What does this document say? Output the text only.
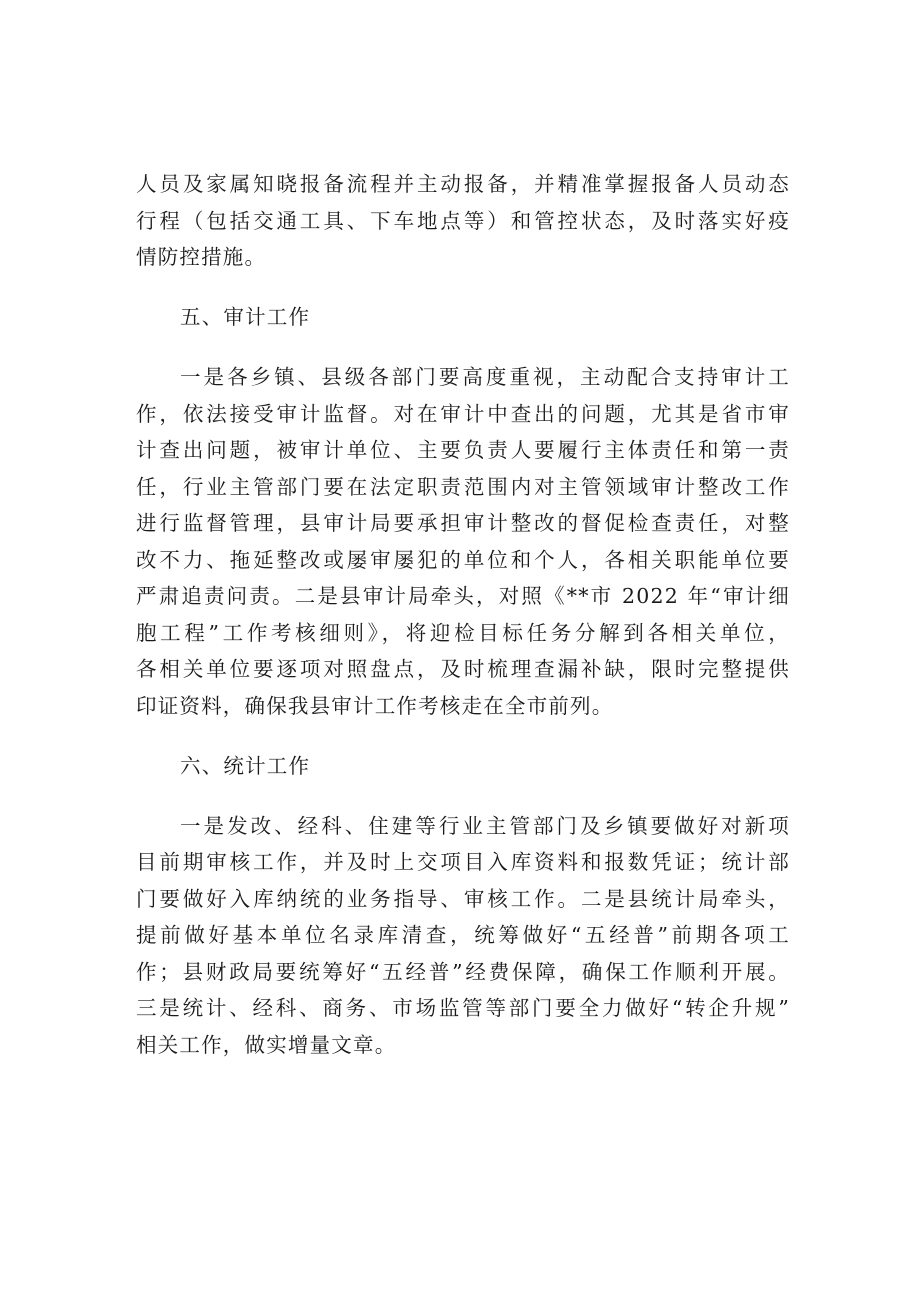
人员及家属知晓报备流程并主动报备，并精准掌握报备人员动态
行程（包括交通工具、下车地点等）和管控状态，及时落实好疫
情防控措施。
五、审计工作
一是各乡镇、县级各部门要高度重视，主动配合支持审计工
作，依法接受审计监督。对在审计中查出的问题，尤其是省市审
计查出问题，被审计单位、主要负责人要履行主体责任和第一责
任，行业主管部门要在法定职责范围内对主管领域审计整改工作
进行监督管理，县审计局要承担审计整改的督促检查责任，对整
改不力、拖延整改或屡审屡犯的单位和个人，各相关职能单位要
严肃追责问责。二是县审计局牵头，对照《**市 2022 年“审计细
胞工程”工作考核细则》，将迎检目标任务分解到各相关单位，
各相关单位要逐项对照盘点，及时梳理查漏补缺，限时完整提供
印证资料，确保我县审计工作考核走在全市前列。
六、统计工作
一是发改、经科、住建等行业主管部门及乡镇要做好对新项
目前期审核工作，并及时上交项目入库资料和报数凭证；统计部
门要做好入库纳统的业务指导、审核工作。二是县统计局牵头，
提前做好基本单位名录库清查，统筹做好“五经普”前期各项工
作；县财政局要统筹好“五经普”经费保障，确保工作顺利开展。
三是统计、经科、商务、市场监管等部门要全力做好“转企升规”
相关工作，做实增量文章。
